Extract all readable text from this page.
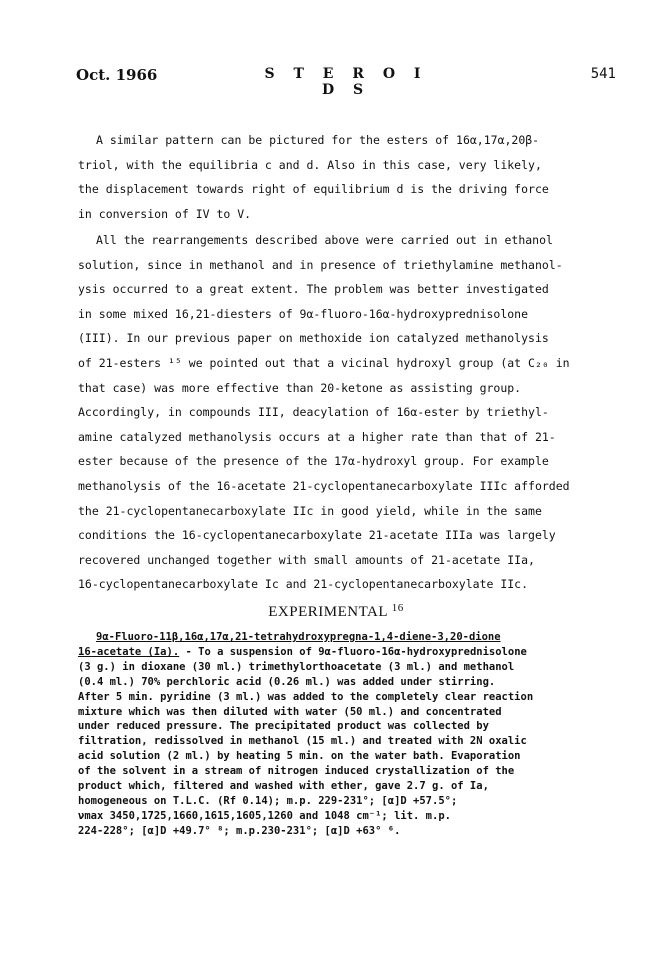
Oct. 1966	S T E R O I D S
541
A similar pattern can be pictured for the esters of 16α,17α,20β-
triol, with the equilibria c and d. Also in this case, very likely,
the displacement towards right of equilibrium d is the driving force
in conversion of IV to V.
All the rearrangements described above were carried out in ethanol
solution, since in methanol and in presence of triethylamine methanol-
ysis occurred to a great extent. The problem was better investigated
in some mixed 16,21-diesters of 9α-fluoro-16α-hydroxyprednisolone
(III). In our previous paper on methoxide ion catalyzed methanolysis
of 21-esters ¹⁵ we pointed out that a vicinal hydroxyl group (at C₂₀ in
that case) was more effective than 20-ketone as assisting group.
Accordingly, in compounds III, deacylation of 16α-ester by triethyl-
amine catalyzed methanolysis occurs at a higher rate than that of 21-
ester because of the presence of the 17α-hydroxyl group. For example
methanolysis of the 16-acetate 21-cyclopentanecarboxylate IIIc afforded
the 21-cyclopentanecarboxylate IIc in good yield, while in the same
conditions the 16-cyclopentanecarboxylate 21-acetate IIIa was largely
recovered unchanged together with small amounts of 21-acetate IIa,
16-cyclopentanecarboxylate Ic and 21-cyclopentanecarboxylate IIc.
EXPERIMENTAL $^{16}$
9α-Fluoro-11β,16α,17α,21-tetrahydroxypregna-1,4-diene-3,20-dione
16-acetate (Ia). - To a suspension of 9α-fluoro-16α-hydroxyprednisolone
(3 g.) in dioxane (30 ml.) trimethylorthoacetate (3 ml.) and methanol
(0.4 ml.) 70% perchloric acid (0.26 ml.) was added under stirring.
After 5 min. pyridine (3 ml.) was added to the completely clear reaction
mixture which was then diluted with water (50 ml.) and concentrated
under reduced pressure. The precipitated product was collected by
filtration, redissolved in methanol (15 ml.) and treated with 2N oxalic
acid solution (2 ml.) by heating 5 min. on the water bath. Evaporation
of the solvent in a stream of nitrogen induced crystallization of the
product which, filtered and washed with ether, gave 2.7 g. of Ia,
homogeneous on T.L.C. (Rf 0.14); m.p. 229-231°; [α]D +57.5°;
νmax 3450,1725,1660,1615,1605,1260 and 1048 cm⁻¹; lit. m.p.
224-228°; [α]D +49.7° ⁸; m.p.230-231°; [α]D +63° ⁶.
